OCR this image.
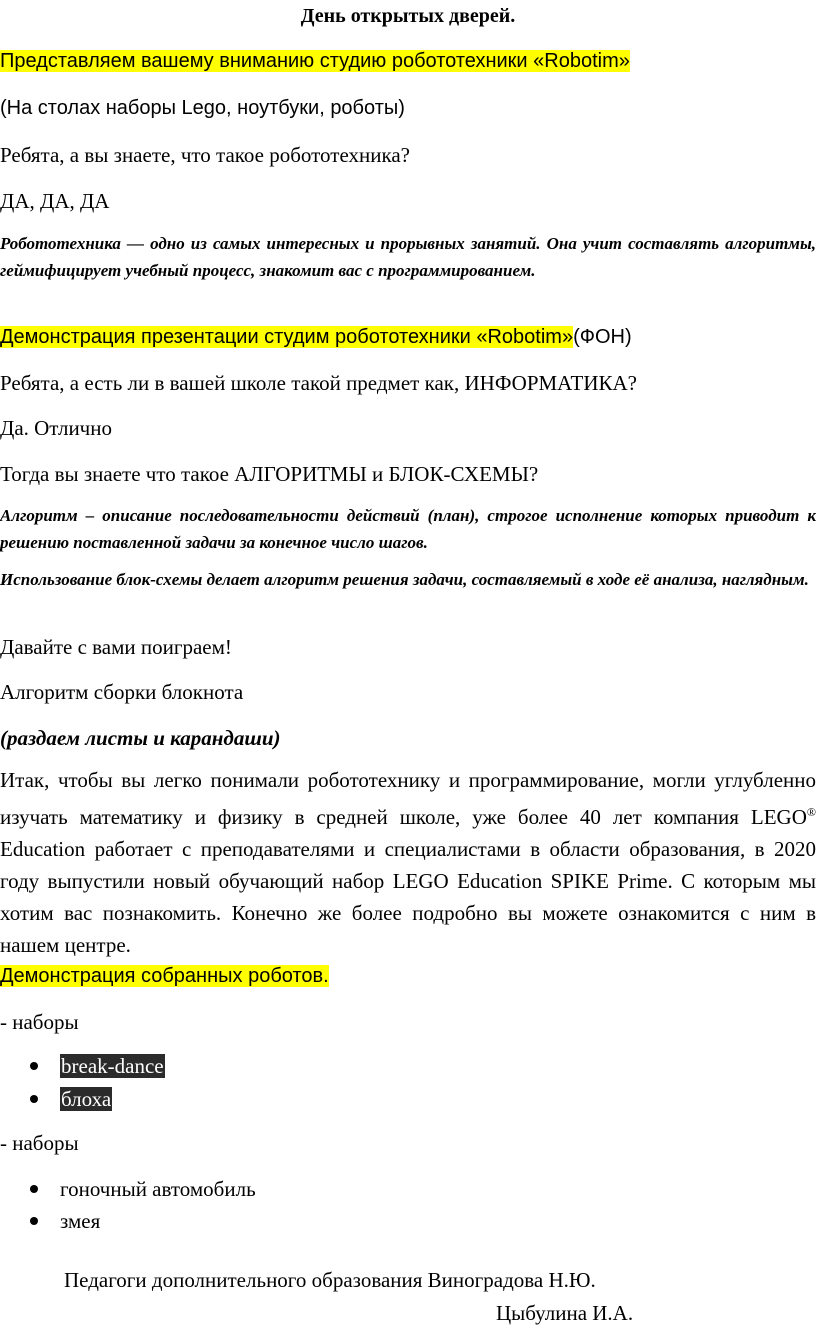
День открытых дверей.
Представляем вашему вниманию студию робототехники «Robotim»
(На столах наборы Lego, ноутбуки, роботы)
Ребята, а вы знаете, что такое робототехника?
ДА, ДА, ДА
Робототехника — одно из самых интересных и прорывных занятий. Она учит составлять алгоритмы, геймифицирует учебный процесс, знакомит вас с программированием.
Демонстрация презентации студим робототехники «Robotim»(ФОН)
Ребята, а есть ли в вашей школе такой предмет как, ИНФОРМАТИКА?
Да. Отлично
Тогда вы знаете что такое АЛГОРИТМЫ и БЛОК-СХЕМЫ?
Алгоритм – описание последовательности действий (план), строгое исполнение которых приводит к решению поставленной задачи за конечное число шагов.
Использование блок-схемы делает алгоритм решения задачи, составляемый в ходе её анализа, наглядным.
Давайте с вами поиграем!
Алгоритм сборки блокнота
(раздаем листы и карандаши)
Итак, чтобы вы легко понимали робототехнику и программирование, могли углубленно изучать математику и физику в средней школе, уже более 40 лет компания LEGO® Education работает с преподавателями и специалистами в области образования, в 2020 году выпустили новый обучающий набор LEGO Education SPIKE Prime. С которым мы хотим вас познакомить. Конечно же более подробно вы можете ознакомится с ним в нашем центре.
Демонстрация собранных роботов.
- наборы
break-dance
блоха
- наборы
гоночный автомобиль
змея
Педагоги дополнительного образования Виноградова Н.Ю.
Цыбулина И.А.
